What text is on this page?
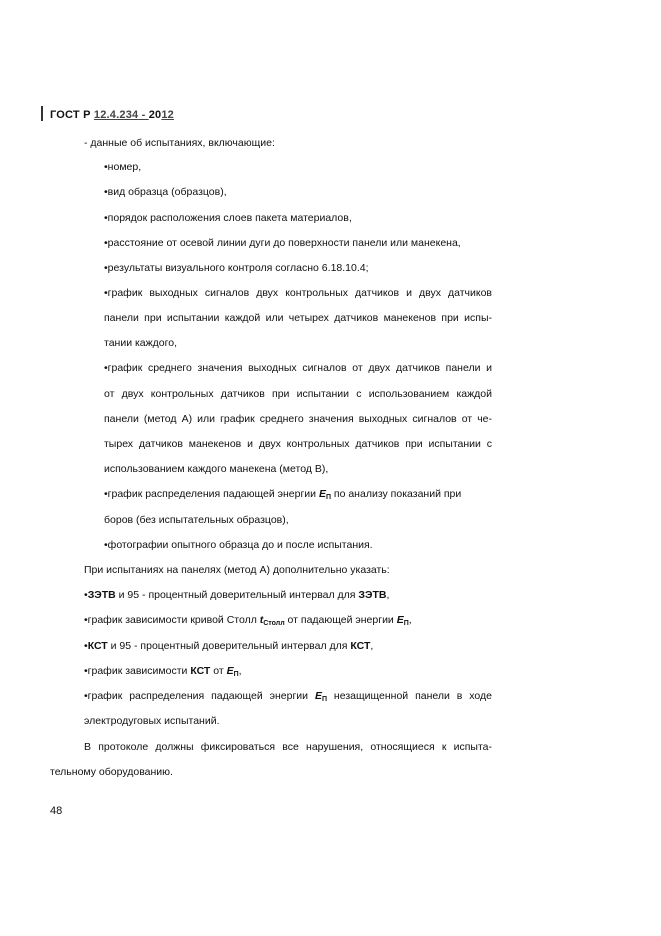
ГОСТ Р 12.4.234 - 2012
- данные об испытаниях, включающие:
•номер,
•вид образца (образцов),
•порядок расположения слоев пакета материалов,
•расстояние от осевой линии дуги до поверхности панели или манекена,
•результаты визуального контроля согласно 6.18.10.4;
•график выходных сигналов двух контрольных датчиков и двух датчиков
панели при испытании каждой или четырех датчиков манекенов при испы-
тании каждого,
•график среднего значения выходных сигналов от двух датчиков панели и
от двух контрольных датчиков при испытании с использованием каждой
панели (метод А) или график среднего значения выходных сигналов от че-
тырех датчиков манекенов и двух контрольных датчиков при испытании с
использованием каждого манекена (метод В),
•график распределения падающей энергии $E_П$ по анализу показаний при
боров (без испытательных образцов),
•фотографии опытного образца до и после испытания.
При испытаниях на панелях (метод А) дополнительно указать:
•ЗЭТВ и 95 - процентный доверительный интервал для ЗЭТВ,
•график зависимости кривой Столл $t_{Столл}$ от падающей энергии $E_П$,
•КСТ и 95 - процентный доверительный интервал для КСТ,
•график зависимости КСТ от $E_П$,
•график распределения падающей энергии $E_П$ незащищенной панели в ходе
электродуговых испытаний.
В протоколе должны фиксироваться все нарушения, относящиеся к испыта-
тельному оборудованию.
48
